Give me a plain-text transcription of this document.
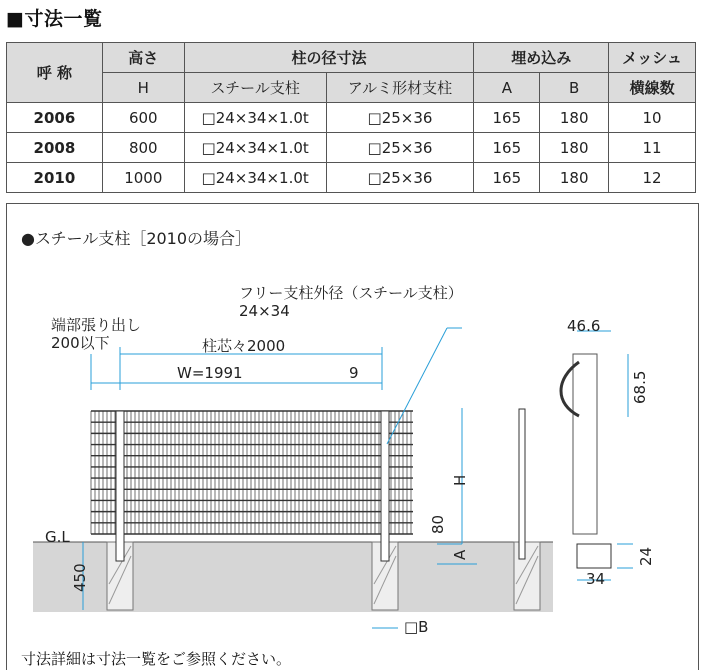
■寸法一覧
呼 称	高さ	柱の径寸法		埋め込み		メッシュ
	H	スチール支柱	アルミ形材支柱	A	B	横線数
2006	600	□24×34×1.0t	□25×36	165	180	10
2008	800	□24×34×1.0t	□25×36	165	180	11
2010	1000	□24×34×1.0t	□25×36	165	180	12
●スチール支柱［2010の場合］
フリー支柱外径（スチール支柱）
24×34
端部張り出し
200以下	柱芯々2000
W=1991	9
46.6
68.5
G.L
H
A
80
450
24
34
□B
寸法詳細は寸法一覧をご参照ください。
